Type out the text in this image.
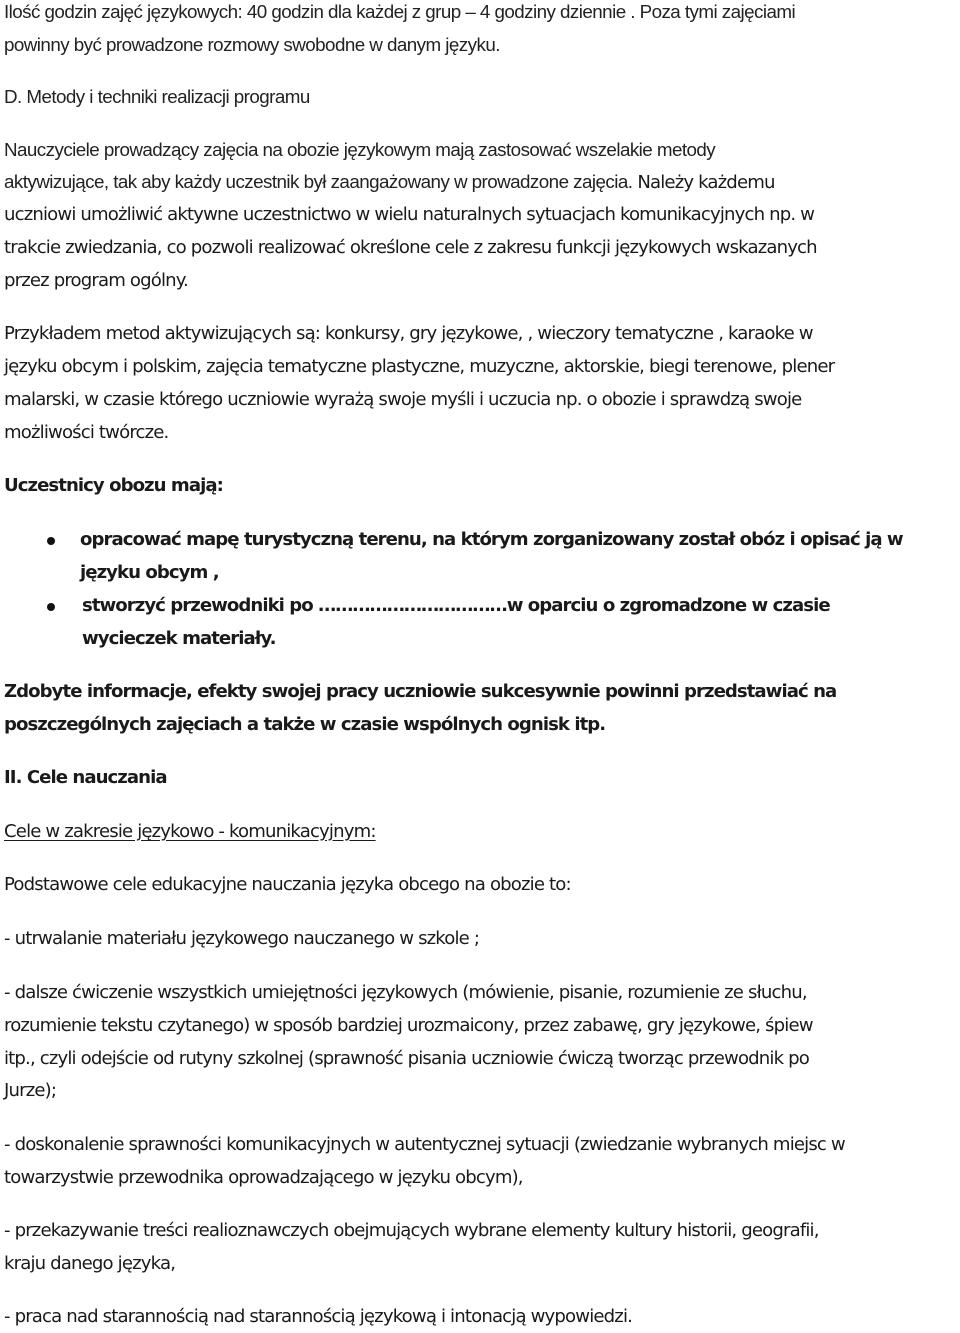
Ilość godzin zajęć językowych: 40 godzin dla każdej z grup – 4 godziny dziennie . Poza tymi zajęciami
powinny być prowadzone rozmowy swobodne w danym języku.
D. Metody i techniki realizacji programu
Nauczyciele prowadzący zajęcia na obozie językowym mają zastosować wszelakie metody
aktywizujące, tak aby każdy uczestnik był zaangażowany w prowadzone zajęcia. Należy każdemu
uczniowi umożliwić aktywne uczestnictwo w wielu naturalnych sytuacjach komunikacyjnych np. w
trakcie zwiedzania, co pozwoli realizować określone cele z zakresu funkcji językowych wskazanych
przez program ogólny.
Przykładem metod aktywizujących są: konkursy, gry językowe, , wieczory tematyczne , karaoke w
języku obcym i polskim, zajęcia tematyczne plastyczne, muzyczne, aktorskie, biegi terenowe, plener
malarski, w czasie którego uczniowie wyrażą swoje myśli i uczucia np. o obozie i sprawdzą swoje
możliwości twórcze.
Uczestnicy obozu mają:
opracować mapę turystyczną terenu, na którym zorganizowany został obóz i opisać ją w
języku obcym ,
stworzyć przewodniki po ……………………………w oparciu o zgromadzone w czasie
wycieczek materiały.
Zdobyte informacje, efekty swojej pracy uczniowie sukcesywnie powinni przedstawiać na
poszczególnych zajęciach a także w czasie wspólnych ognisk itp.
II. Cele nauczania
Cele w zakresie językowo - komunikacyjnym:
Podstawowe cele edukacyjne nauczania języka obcego na obozie to:
- utrwalanie materiału językowego nauczanego w szkole ;
- dalsze ćwiczenie wszystkich umiejętności językowych (mówienie, pisanie, rozumienie ze słuchu,
rozumienie tekstu czytanego) w sposób bardziej urozmaicony, przez zabawę, gry językowe, śpiew
itp., czyli odejście od rutyny szkolnej (sprawność pisania uczniowie ćwiczą tworząc przewodnik po
Jurze);
- doskonalenie sprawności komunikacyjnych w autentycznej sytuacji (zwiedzanie wybranych miejsc w
towarzystwie przewodnika oprowadzającego w języku obcym),
- przekazywanie treści realioznawczych obejmujących wybrane elementy kultury historii, geografii,
kraju danego języka,
- praca nad starannością nad starannością językową i intonacją wypowiedzi.
